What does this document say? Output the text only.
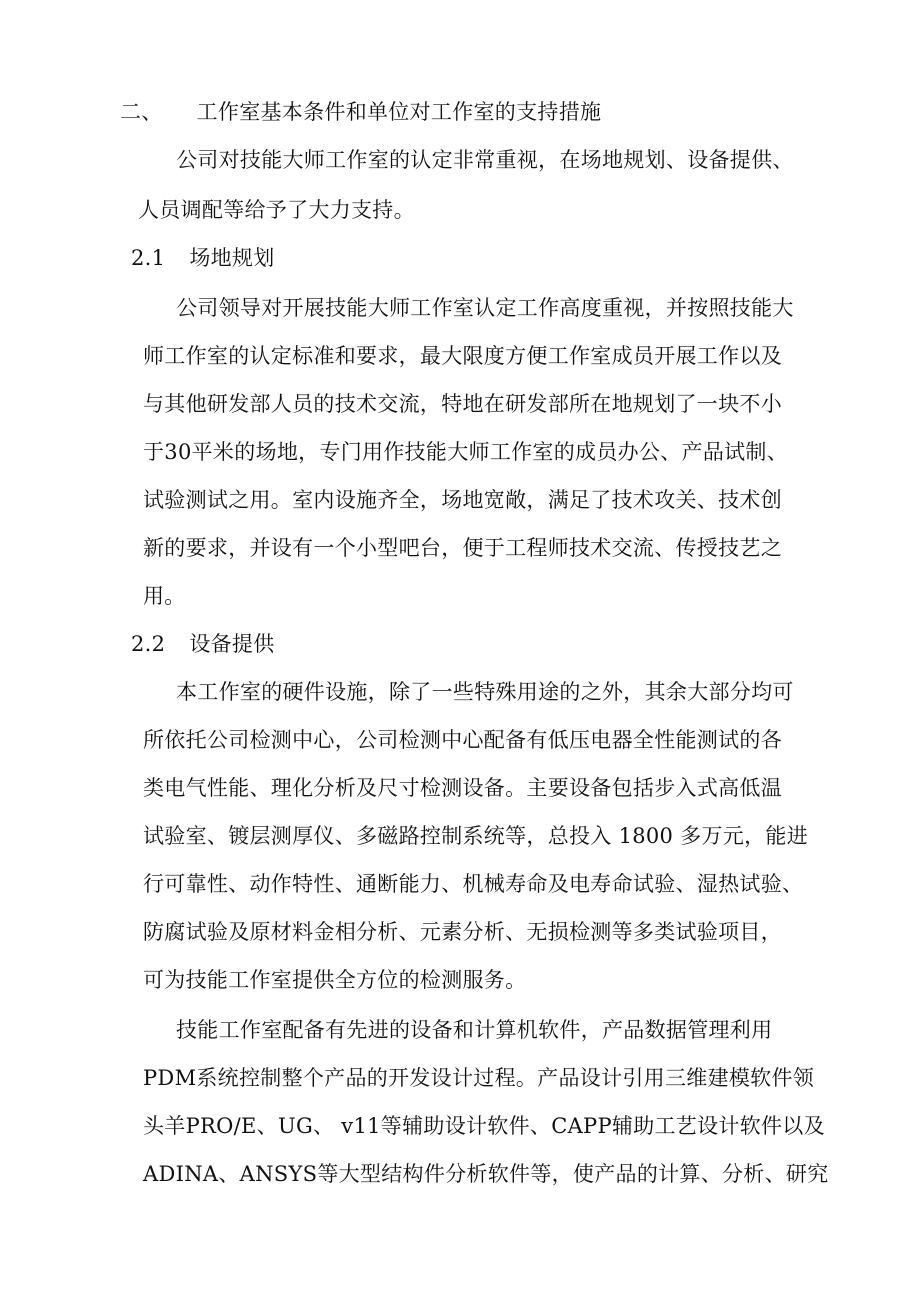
二、 工作室基本条件和单位对工作室的支持措施
公司对技能大师工作室的认定非常重视，在场地规划、设备提供、
人员调配等给予了大力支持。
2.1 场地规划
公司领导对开展技能大师工作室认定工作高度重视，并按照技能大
师工作室的认定标准和要求，最大限度方便工作室成员开展工作以及
与其他研发部人员的技术交流，特地在研发部所在地规划了一块不小
于30平米的场地，专门用作技能大师工作室的成员办公、产品试制、
试验测试之用。室内设施齐全，场地宽敞，满足了技术攻关、技术创
新的要求，并设有一个小型吧台，便于工程师技术交流、传授技艺之
用。
2.2 设备提供
本工作室的硬件设施，除了一些特殊用途的之外，其余大部分均可
所依托公司检测中心，公司检测中心配备有低压电器全性能测试的各
类电气性能、理化分析及尺寸检测设备。主要设备包括步入式高低温
试验室、镀层测厚仪、多磁路控制系统等，总投入 1800 多万元，能进
行可靠性、动作特性、通断能力、机械寿命及电寿命试验、湿热试验、
防腐试验及原材料金相分析、元素分析、无损检测等多类试验项目，
可为技能工作室提供全方位的检测服务。
技能工作室配备有先进的设备和计算机软件，产品数据管理利用
PDM系统控制整个产品的开发设计过程。产品设计引用三维建模软件领
头羊PRO/E、UG、 v11等辅助设计软件、CAPP辅助工艺设计软件以及
ADINA、ANSYS等大型结构件分析软件等，使产品的计算、分析、研究
